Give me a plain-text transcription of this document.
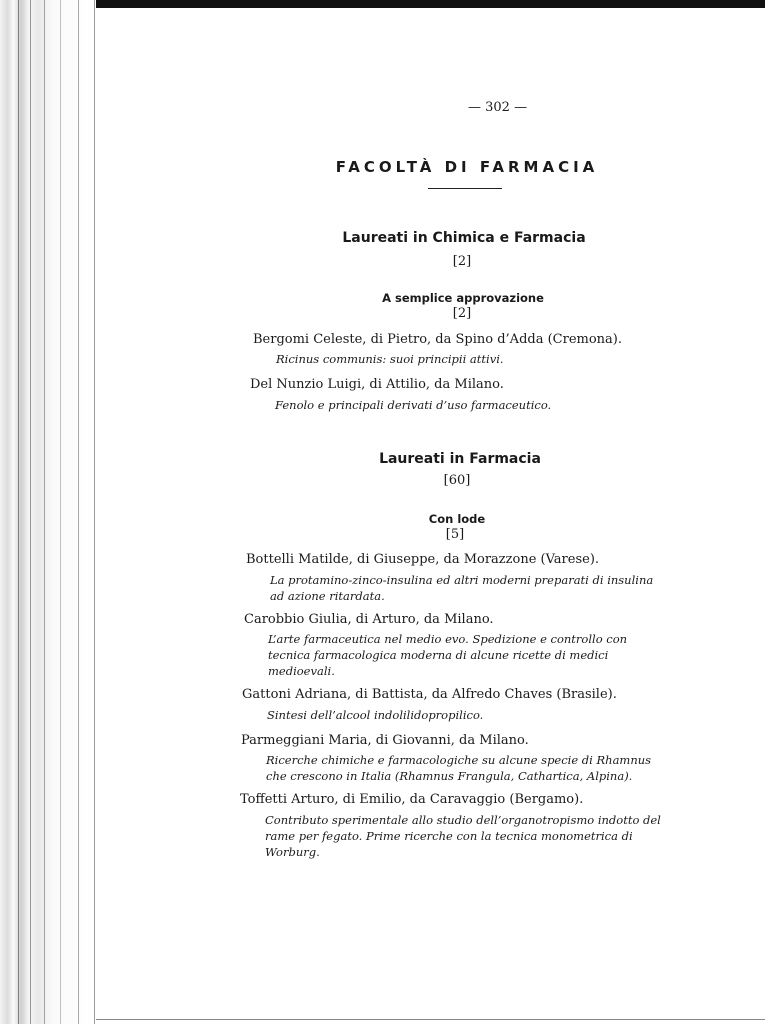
— 302 —
FACOLTÀ DI FARMACIA
Laureati in Chimica e Farmacia
[2]
A semplice approvazione
[2]
Bergomi Celeste, di Pietro, da Spino d’Adda (Cremona).
Ricinus communis: suoi principii attivi.
Del Nunzio Luigi, di Attilio, da Milano.
Fenolo e principali derivati d’uso farmaceutico.
Laureati in Farmacia
[60]
Con lode
[5]
Bottelli Matilde, di Giuseppe, da Morazzone (Varese).
La protamino-zinco-insulina ed altri moderni preparati di insulina ad azione ritardata.
Carobbio Giulia, di Arturo, da Milano.
L’arte farmaceutica nel medio evo. Spedizione e controllo con tecnica farmacologica moderna di alcune ricette di medici medioevali.
Gattoni Adriana, di Battista, da Alfredo Chaves (Brasile).
Sintesi dell’alcool indolilidopropilico.
Parmeggiani Maria, di Giovanni, da Milano.
Ricerche chimiche e farmacologiche su alcune specie di Rhamnus che crescono in Italia (Rhamnus Frangula, Cathartica, Alpina).
Toffetti Arturo, di Emilio, da Caravaggio (Bergamo).
Contributo sperimentale allo studio dell’organotropismo indotto del rame per fegato. Prime ricerche con la tecnica monometrica di Worburg.
